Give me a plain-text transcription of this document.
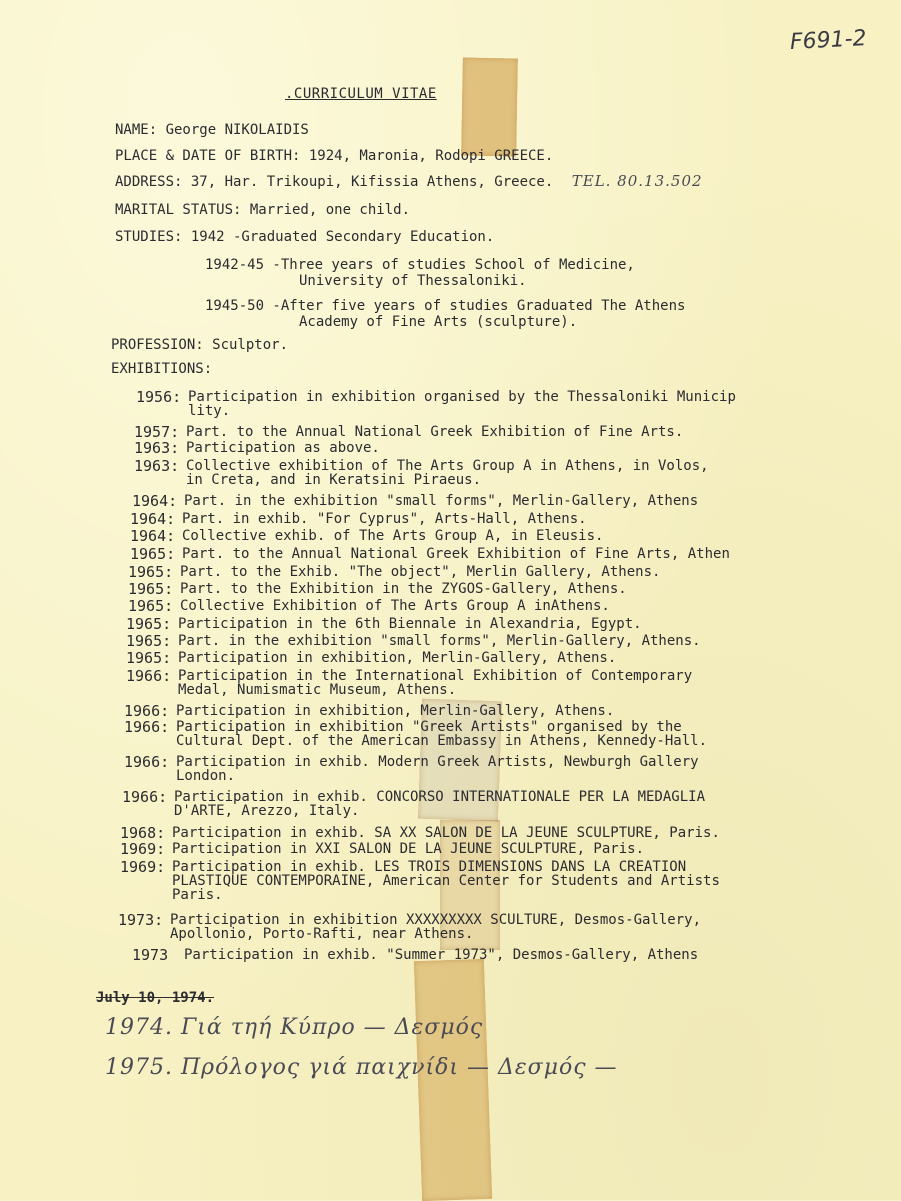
F691-2
.CURRICULUM VITAE
NAME: George NIKOLAIDIS
PLACE & DATE OF BIRTH: 1924, Maronia, Rodopi GREECE.
ADDRESS: 37, Har. Trikoupi, Kifissia Athens, Greece. TEL. 80.13.502
MARITAL STATUS: Married, one child.
STUDIES: 1942 -Graduated Secondary Education.
1942-45 -Three years of studies School of Medicine,
University of Thessaloniki.
1945-50 -After five years of studies Graduated The Athens
Academy of Fine Arts (sculpture).
PROFESSION: Sculptor.
EXHIBITIONS:
1956: Participation in exhibition organised by the Thessaloniki Municip
lity.
1957: Part. to the Annual National Greek Exhibition of Fine Arts.
1963: Participation as above.
1963: Collective exhibition of The Arts Group A in Athens, in Volos,
in Creta, and in Keratsini Piraeus.
1964: Part. in the exhibition "small forms", Merlin-Gallery, Athens
1964: Part. in exhib. "For Cyprus", Arts-Hall, Athens.
1964: Collective exhib. of The Arts Group A, in Eleusis.
1965: Part. to the Annual National Greek Exhibition of Fine Arts, Athen
1965: Part. to the Exhib. "The object", Merlin Gallery, Athens.
1965: Part. to the Exhibition in the ZYGOS-Gallery, Athens.
1965: Collective Exhibition of The Arts Group A inAthens.
1965: Participation in the 6th Biennale in Alexandria, Egypt.
1965: Part. in the exhibition "small forms", Merlin-Gallery, Athens.
1965: Participation in exhibition, Merlin-Gallery, Athens.
1966: Participation in the International Exhibition of Contemporary
Medal, Numismatic Museum, Athens.
1966: Participation in exhibition, Merlin-Gallery, Athens.
1966: Participation in exhibition "Greek Artists" organised by the
Cultural Dept. of the American Embassy in Athens, Kennedy-Hall.
1966: Participation in exhib. Modern Greek Artists, Newburgh Gallery
London.
1966: Participation in exhib. CONCORSO INTERNATIONALE PER LA MEDAGLIA
D'ARTE, Arezzo, Italy.
1968: Participation in exhib. SA XX SALON DE LA JEUNE SCULPTURE, Paris.
1969: Participation in XXI SALON DE LA JEUNE SCULPTURE, Paris.
1969: Participation in exhib. LES TROIS DIMENSIONS DANS LA CREATION
PLASTIQUE CONTEMPORAINE, American Center for Students and Artists
Paris.
1973: Participation in exhibition XXXXXXXXX SCULTURE, Desmos-Gallery,
Apollonio, Porto-Rafti, near Athens.
1973 Participation in exhib. "Summer 1973", Desmos-Gallery, Athens
July 10, 1974.
1974. Γιά τηή Κύπρο — Δεσμός
1975. Πρόλογος γιά παιχνίδι — Δεσμός —
